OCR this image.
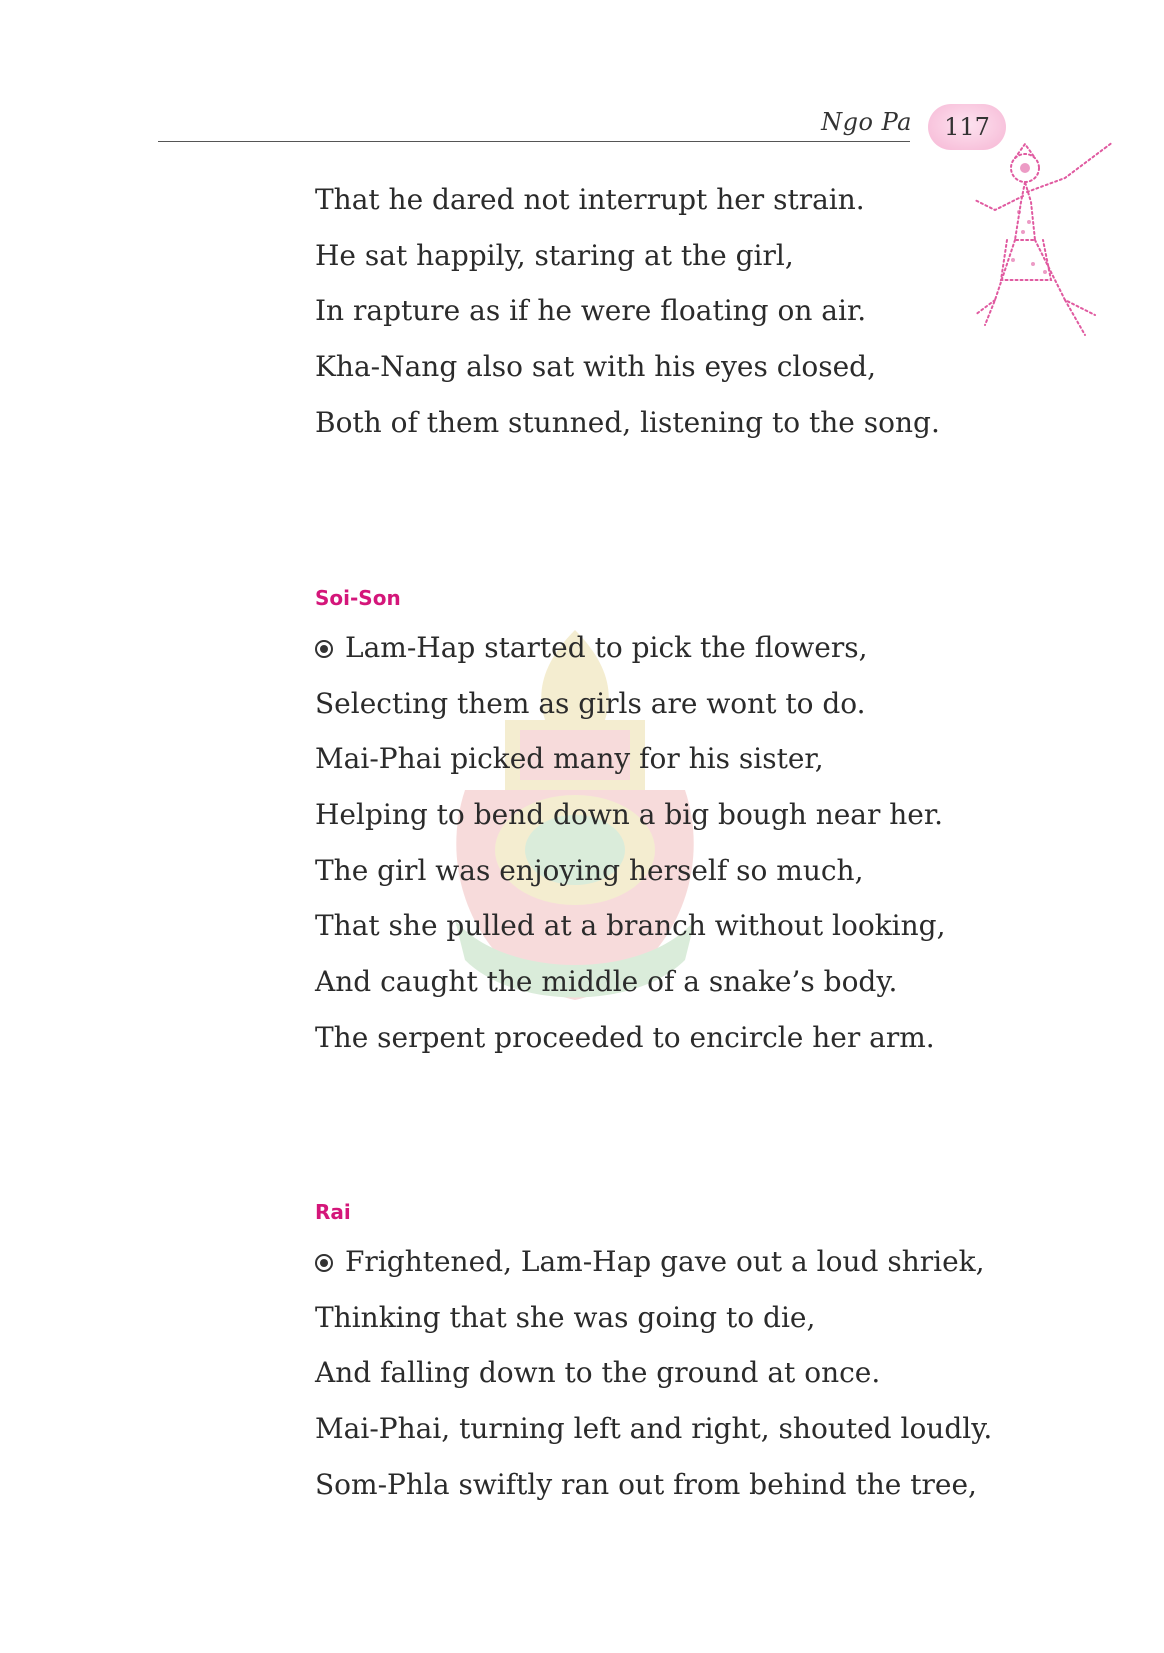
Ngo Pa	117
That he dared not interrupt her strain.
He sat happily, staring at the girl,
In rapture as if he were floating on air.
Kha-Nang also sat with his eyes closed,
Both of them stunned, listening to the song.
Soi-Son
Lam-Hap started to pick the flowers,
Selecting them as girls are wont to do.
Mai-Phai picked many for his sister,
Helping to bend down a big bough near her.
The girl was enjoying herself so much,
That she pulled at a branch without looking,
And caught the middle of a snake’s body.
The serpent proceeded to encircle her arm.
Rai
Frightened, Lam-Hap gave out a loud shriek,
Thinking that she was going to die,
And falling down to the ground at once.
Mai-Phai, turning left and right, shouted loudly.
Som-Phla swiftly ran out from behind the tree,
